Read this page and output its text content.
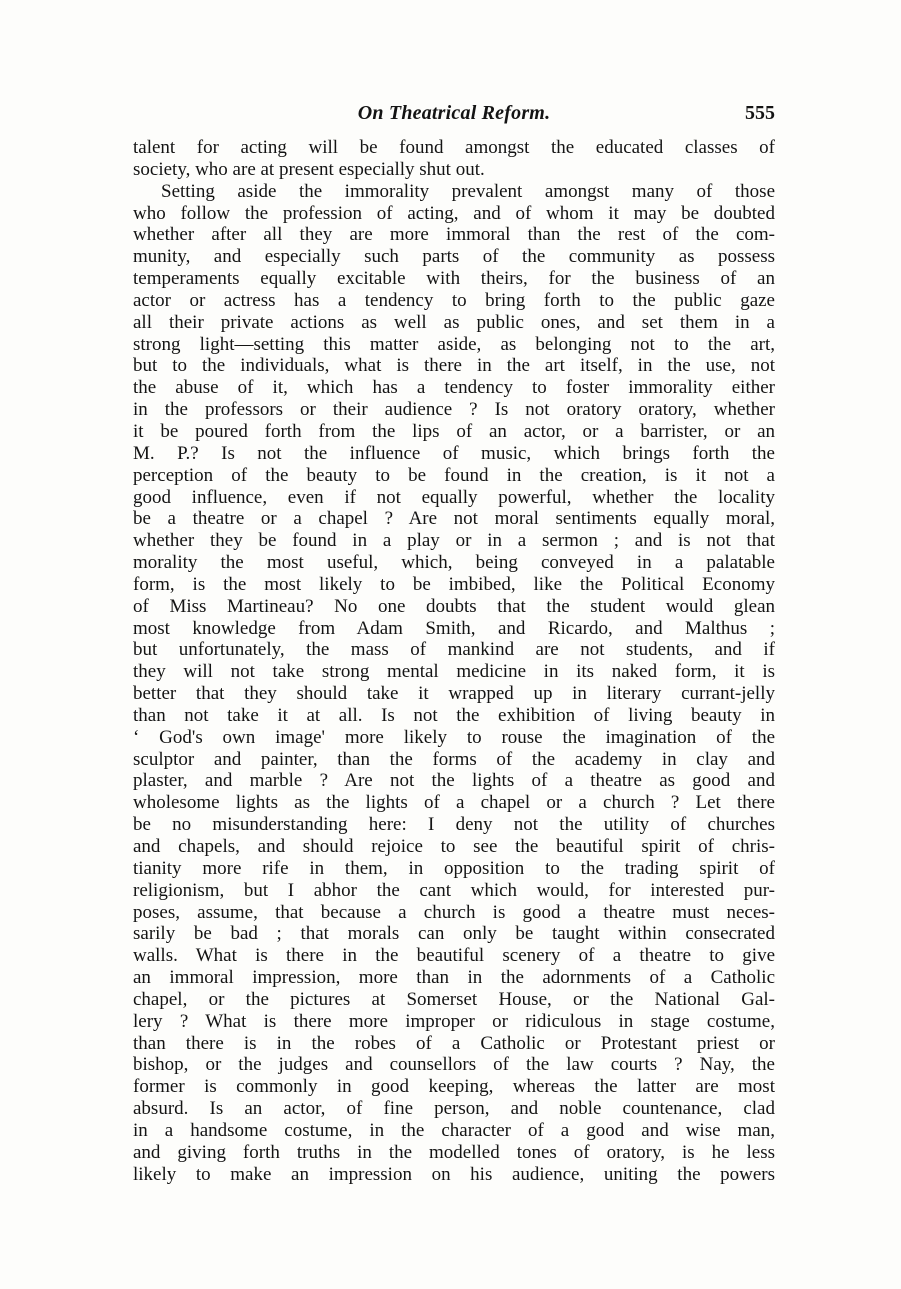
On Theatrical Reform.	555
talent for acting will be found amongst the educated classes of
society, who are at present especially shut out.
Setting aside the immorality prevalent amongst many of those
who follow the profession of acting, and of whom it may be doubted
whether after all they are more immoral than the rest of the com-
munity, and especially such parts of the community as possess
temperaments equally excitable with theirs, for the business of an
actor or actress has a tendency to bring forth to the public gaze
all their private actions as well as public ones, and set them in a
strong light—setting this matter aside, as belonging not to the art,
but to the individuals, what is there in the art itself, in the use, not
the abuse of it, which has a tendency to foster immorality either
in the professors or their audience ? Is not oratory oratory, whether
it be poured forth from the lips of an actor, or a barrister, or an
M. P.? Is not the influence of music, which brings forth the
perception of the beauty to be found in the creation, is it not a
good influence, even if not equally powerful, whether the locality
be a theatre or a chapel ? Are not moral sentiments equally moral,
whether they be found in a play or in a sermon ; and is not that
morality the most useful, which, being conveyed in a palatable
form, is the most likely to be imbibed, like the Political Economy
of Miss Martineau? No one doubts that the student would glean
most knowledge from Adam Smith, and Ricardo, and Malthus ;
but unfortunately, the mass of mankind are not students, and if
they will not take strong mental medicine in its naked form, it is
better that they should take it wrapped up in literary currant-jelly
than not take it at all. Is not the exhibition of living beauty in
‘ God's own image' more likely to rouse the imagination of the
sculptor and painter, than the forms of the academy in clay and
plaster, and marble ? Are not the lights of a theatre as good and
wholesome lights as the lights of a chapel or a church ? Let there
be no misunderstanding here: I deny not the utility of churches
and chapels, and should rejoice to see the beautiful spirit of chris-
tianity more rife in them, in opposition to the trading spirit of
religionism, but I abhor the cant which would, for interested pur-
poses, assume, that because a church is good a theatre must neces-
sarily be bad ; that morals can only be taught within consecrated
walls. What is there in the beautiful scenery of a theatre to give
an immoral impression, more than in the adornments of a Catholic
chapel, or the pictures at Somerset House, or the National Gal-
lery ? What is there more improper or ridiculous in stage costume,
than there is in the robes of a Catholic or Protestant priest or
bishop, or the judges and counsellors of the law courts ? Nay, the
former is commonly in good keeping, whereas the latter are most
absurd. Is an actor, of fine person, and noble countenance, clad
in a handsome costume, in the character of a good and wise man,
and giving forth truths in the modelled tones of oratory, is he less
likely to make an impression on his audience, uniting the powers
